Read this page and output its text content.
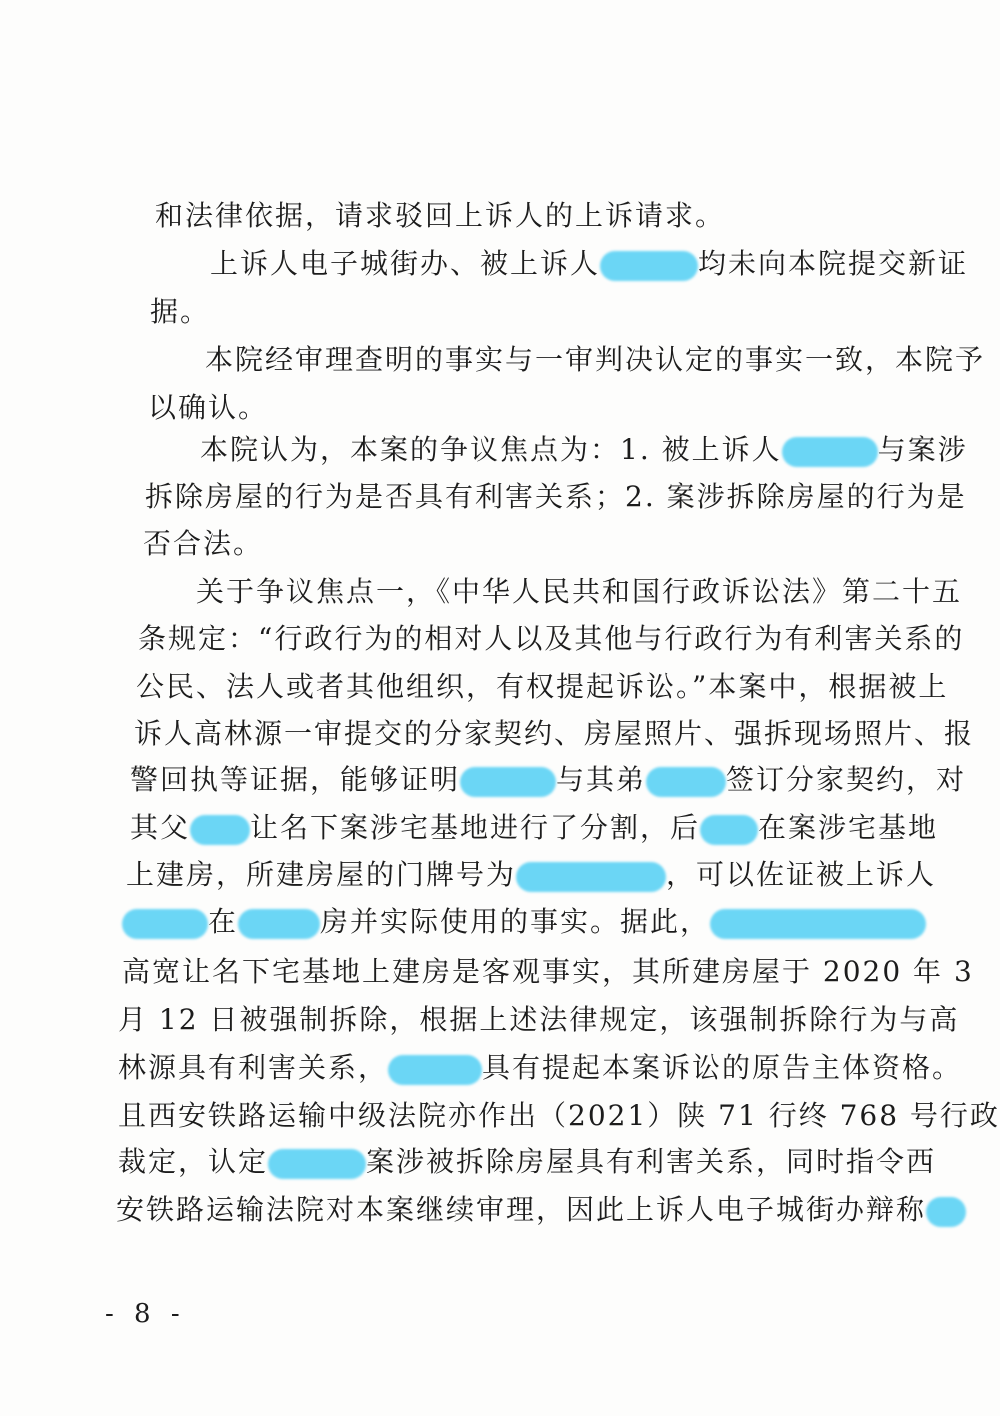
和法律依据，请求驳回上诉人的上诉请求。
上诉人电子城街办、被上诉人	均未向本院提交新证
据。
本院经审理查明的事实与一审判决认定的事实一致，本院予
以确认。
本院认为，本案的争议焦点为：1. 被上诉人	与案涉
拆除房屋的行为是否具有利害关系；2. 案涉拆除房屋的行为是
否合法。
关于争议焦点一，《中华人民共和国行政诉讼法》第二十五
条规定：“行政行为的相对人以及其他与行政行为有利害关系的
公民、法人或者其他组织，有权提起诉讼。”本案中，根据被上
诉人高林源一审提交的分家契约、房屋照片、强拆现场照片、报
警回执等证据，能够证明	与其弟	签订分家契约，对
其父 让名下案涉宅基地进行了分割，后 在案涉宅基地
上建房，所建房屋的门牌号为	，可以佐证被上诉人
在	房并实际使用的事实。据此，
高宽让名下宅基地上建房是客观事实，其所建房屋于 2020 年 3
月 12 日被强制拆除，根据上述法律规定，该强制拆除行为与高
林源具有利害关系，	具有提起本案诉讼的原告主体资格。
且西安铁路运输中级法院亦作出（2021）陕 71 行终 768 号行政
裁定，认定	案涉被拆除房屋具有利害关系，同时指令西
安铁路运输法院对本案继续审理，因此上诉人电子城街办辩称
- 8 -
